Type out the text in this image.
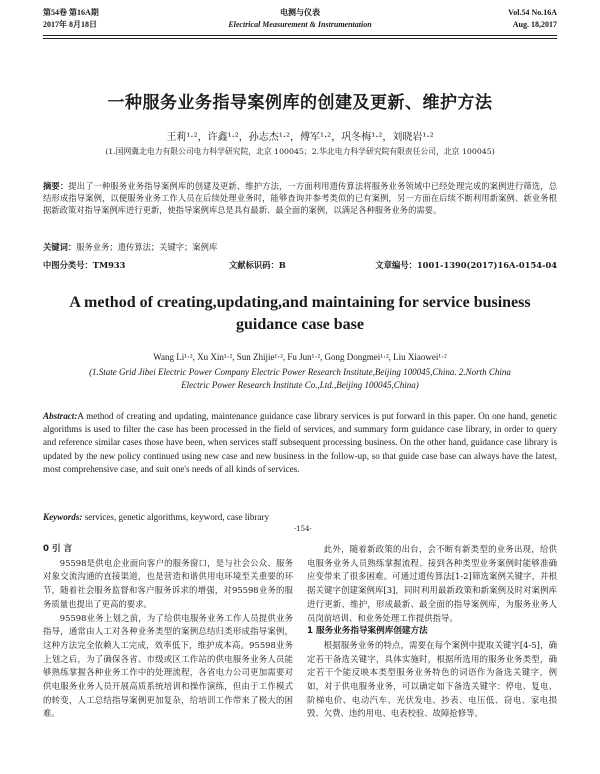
第54卷 第16A期
2017年 8月18日
电测与仪表
Electrical Measurement & Instrumentation
Vol.54 No.16A
Aug. 18,2017
一种服务业务指导案例库的创建及更新、维护方法
王莉¹·²，许鑫¹·²，孙志杰¹·²，傅军¹·²，巩冬梅¹·²，刘晓岩¹·²
(1.国网冀北电力有限公司电力科学研究院，北京 100045；2.华北电力科学研究院有限责任公司，北京 100045)
摘要：提出了一种服务业务指导案例库的创建及更新、维护方法，一方面利用遗传算法将服务业务领域中已经处理完成的案例进行筛选，总结形成指导案例，以便服务业务工作人员在后续处理业务时，能够查询并参考类似的已有案例，另一方面在后续不断利用新案例、新业务根据新政策对指导案例库进行更新，使指导案例库总是具有最新、最全面的案例，以满足各种服务业务的需要。
关键词：服务业务；遗传算法；关键字；案例库
中图分类号：TM933	文献标识码：B	文章编号：1001-1390(2017)16A-0154-04
A method of creating,updating,and maintaining for service business
guidance case base
Wang Li¹·², Xu Xin¹·², Sun Zhijie¹·², Fu Jun¹·², Gong Dongmei¹·², Liu Xiaowei¹·²
(1.State Grid Jibei Electric Power Company Electric Power Research Institute,Beijing 100045,China. 2.North China
Electric Power Research Institute Co.,Ltd.,Beijing 100045,China)
Abstract:A method of creating and updating, maintenance guidance case library services is put forward in this paper. On one hand, genetic algorithms is used to filter the case has been processed in the field of services, and summary form guidance case library, in order to query and reference similar cases those have been, when services staff subsequent processing business. On the other hand, guidance case library is updated by the new policy continued using new case and new business in the follow-up, so that guide case base can always have the latest, most comprehensive case, and suit one's needs of all kinds of services.
Keywords: services, genetic algorithms, keyword, case library
·154·

0 引 言

95598是供电企业面向客户的服务窗口，是与社会公众、服务对象交流沟通的直接渠道，也是营造和谐供用电环境至关重要的环节，随着社会服务监督和客户服务诉求的增强，对95598业务的服务质量也提出了更高的要求。

95598业务上划之前，为了给供电服务业务工作人员提供业务指导，通常由人工对各种业务类型的案例总结归类形成指导案例，这种方法完全依赖人工完成，效率低下，维护成本高。95598业务上划之后，为了确保各省、市级或区工作站的供电服务业务人员能够熟练掌握各种业务工作中的处理流程，各省电力公司更加需要对供电服务业务人员开展高质系统培训和操作演练，但由于工作模式的转变，人工总结指导案例更加复杂，给培训工作带来了极大的困难。

此外，随着新政策的出台，会不断有新类型的业务出现，给供电服务业务人员熟练掌握流程、接到各种类型业务案例时能够准确应变带来了很多困难。可通过遗传算法[1-2]筛选案例关键字，并根据关键字创建案例库[3]，同时利用最新政策和新案例及时对案例库进行更新、维护，形成最新、最全面的指导案例库，为服务业务人员岗前培训、和业务处理工作提供指导。

1 服务业务指导案例库创建方法

根据服务业务的特点，需要在每个案例中提取关键字[4-5]，确定若干备选关键字，具体实施时，根据所选用的服务业务类型，确定若干个能反映本类型服务业务特色的词语作为备选关键字，例如，对于供电服务业务，可以确定如下备选关键字：停电、复电、阶梯电价、电动汽车、光伏发电、抄表、电压低、窃电、家电损毁、欠费、违约用电、电表校验、故障抢修等。
